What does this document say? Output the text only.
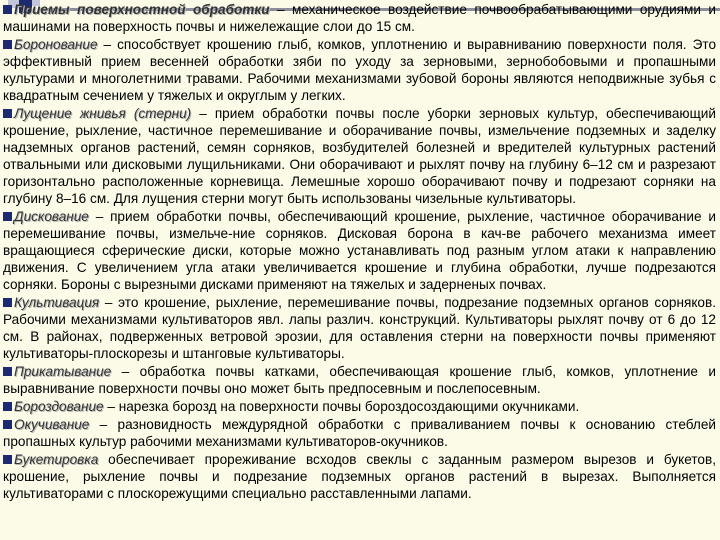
Приемы поверхностной обработки – механическое воздействие почвообрабатывающими орудиями и машинами на поверхность почвы и нижележащие слои до 15 см.

Боронование – способствует крошению глыб, комков, уплотнению и выравниванию поверхности поля. Это эффективный прием весенней обработки зяби по уходу за зерновыми, зернобобовыми и пропашными культурами и многолетними травами. Рабочими механизмами зубовой бороны являются неподвижные зубья с квадратным сечением у тяжелых и округлым у легких.

Лущение жнивья (стерни) – прием обработки почвы после уборки зерновых культур, обеспечивающий крошение, рыхление, частичное перемешивание и оборачивание почвы, измельчение подземных и заделку надземных органов растений, семян сорняков, возбудителей болезней и вредителей культурных растений отвальными или дисковыми лущильниками. Они оборачивают и рыхлят почву на глубину 6–12 см и разрезают горизонтально расположенные корневища. Лемешные хорошо оборачивают почву и подрезают сорняки на глубину 8–16 см. Для лущения стерни могут быть использованы чизельные культиваторы.

Дискование – прием обработки почвы, обеспечивающий крошение, рыхление, частичное оборачивание и перемешивание почвы, измельче-ние сорняков. Дисковая борона в кач-ве рабочего механизма имеет вращающиеся сферические диски, которые можно устанавливать под разным углом атаки к направлению движения. С увеличением угла атаки увеличивается крошение и глубина обработки, лучше подрезаются сорняки. Бороны с вырезными дисками применяют на тяжелых и задерненых почвах.

Культивация – это крошение, рыхление, перемешивание почвы, подрезание подземных органов сорняков. Рабочими механизмами культиваторов явл. лапы различ. конструкций. Культиваторы рыхлят почву от 6 до 12 см. В районах, подверженных ветровой эрозии, для оставления стерни на поверхности почвы применяют культиваторы-плоскорезы и штанговые культиваторы.

Прикатывание – обработка почвы катками, обеспечивающая крошение глыб, комков, уплотнение и выравнивание поверхности почвы оно может быть предпосевным и послепосевным.

Бороздование – нарезка борозд на поверхности почвы бороздосоздающими окучниками.

Окучивание – разновидность междурядной обработки с приваливанием почвы к основанию стеблей пропашных культур рабочими механизмами культиваторов-окучников.

Букетировка обеспечивает прореживание всходов свеклы с заданным размером вырезов и букетов, крошение, рыхление почвы и подрезание подземных органов растений в вырезах. Выполняется культиваторами с плоскорежущими специально расставленными лапами.
